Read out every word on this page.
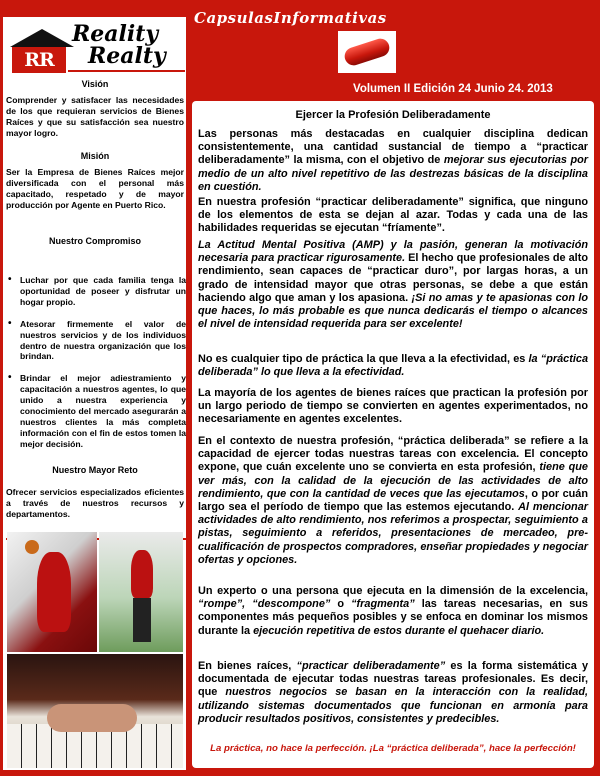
RR
Reality
Realty
Visión
Comprender y satisfacer las necesidades de los que requieran servicios de Bienes Raíces y que su satisfacción sea nuestro mayor logro.
Misión
Ser la Empresa de Bienes Raíces mejor diversificada con el personal más capacitado, respetado y de mayor producción por Agente en Puerto Rico.
Nuestro Compromiso
• Luchar por que cada familia tenga la oportunidad de poseer y disfrutar un hogar propio.
• Atesorar firmemente el valor de nuestros servicios y de los individuos dentro de nuestra organización que los brindan.
• Brindar el mejor adiestramiento y capacitación a nuestros agentes, lo que unido a nuestra experiencia y conocimiento del mercado asegurarán a nuestros clientes la más completa información con el fin de estos tomen la mejor decisión.
Nuestro Mayor Reto
Ofrecer servicios especializados eficientes a través de nuestros recursos y departamentos.
CapsulasInformativas
Volumen II Edición 24 Junio 24. 2013
Ejercer la Profesión Deliberadamente

Las personas más destacadas en cualquier disciplina dedican consistentemente, una cantidad sustancial de tiempo a “practicar deliberadamente” la misma, con el objetivo de mejorar sus ejecutorias por medio de un alto nivel repetitivo de las destrezas básicas de la disciplina en cuestión.

En nuestra profesión “practicar deliberadamente” significa, que ninguno de los elementos de esta se dejan al azar. Todas y cada una de las habilidades requeridas se ejecutan “fríamente”.

La Actitud Mental Positiva (AMP) y la pasión, generan la motivación necesaria para practicar rigurosamente. El hecho que profesionales de alto rendimiento, sean capaces de “practicar duro”, por largas horas, a un grado de intensidad mayor que otras personas, se debe a que están haciendo algo que aman y los apasiona. ¡Si no amas y te apasionas con lo que haces, lo más probable es que nunca dedicarás el tiempo o alcances el nivel de intensidad requerida para ser excelente!

No es cualquier tipo de práctica la que lleva a la efectividad, es la “práctica deliberada” lo que lleva a la efectividad.

La mayoría de los agentes de bienes raíces que practican la profesión por un largo periodo de tiempo se convierten en agentes experimentados, no necesariamente en agentes excelentes.

En el contexto de nuestra profesión, “práctica deliberada” se refiere a la capacidad de ejercer todas nuestras tareas con excelencia. El concepto expone, que cuán excelente uno se convierta en esta profesión, tiene que ver más, con la calidad de la ejecución de las actividades de alto rendimiento, que con la cantidad de veces que las ejecutamos, o por cuán largo sea el período de tiempo que las estemos ejecutando. Al mencionar actividades de alto rendimiento, nos referimos a prospectar, seguimiento a pistas, seguimiento a referidos, presentaciones de mercadeo, pre-cualificación de prospectos compradores, enseñar propiedades y negociar ofertas y opciones.

Un experto o una persona que ejecuta en la dimensión de la excelencia, “rompe”, “descompone” o “fragmenta” las tareas necesarias, en sus componentes más pequeños posibles y se enfoca en dominar los mismos durante la ejecución repetitiva de estos durante el quehacer diario.

En bienes raíces, “practicar deliberadamente” es la forma sistemática y documentada de ejecutar todas nuestras tareas profesionales. Es decir, que nuestros negocios se basan en la interacción con la realidad, utilizando sistemas documentados que funcionan en armonía para producir resultados positivos, consistentes y predecibles.

La práctica, no hace la perfección. ¡La “práctica deliberada”, hace la perfección!
